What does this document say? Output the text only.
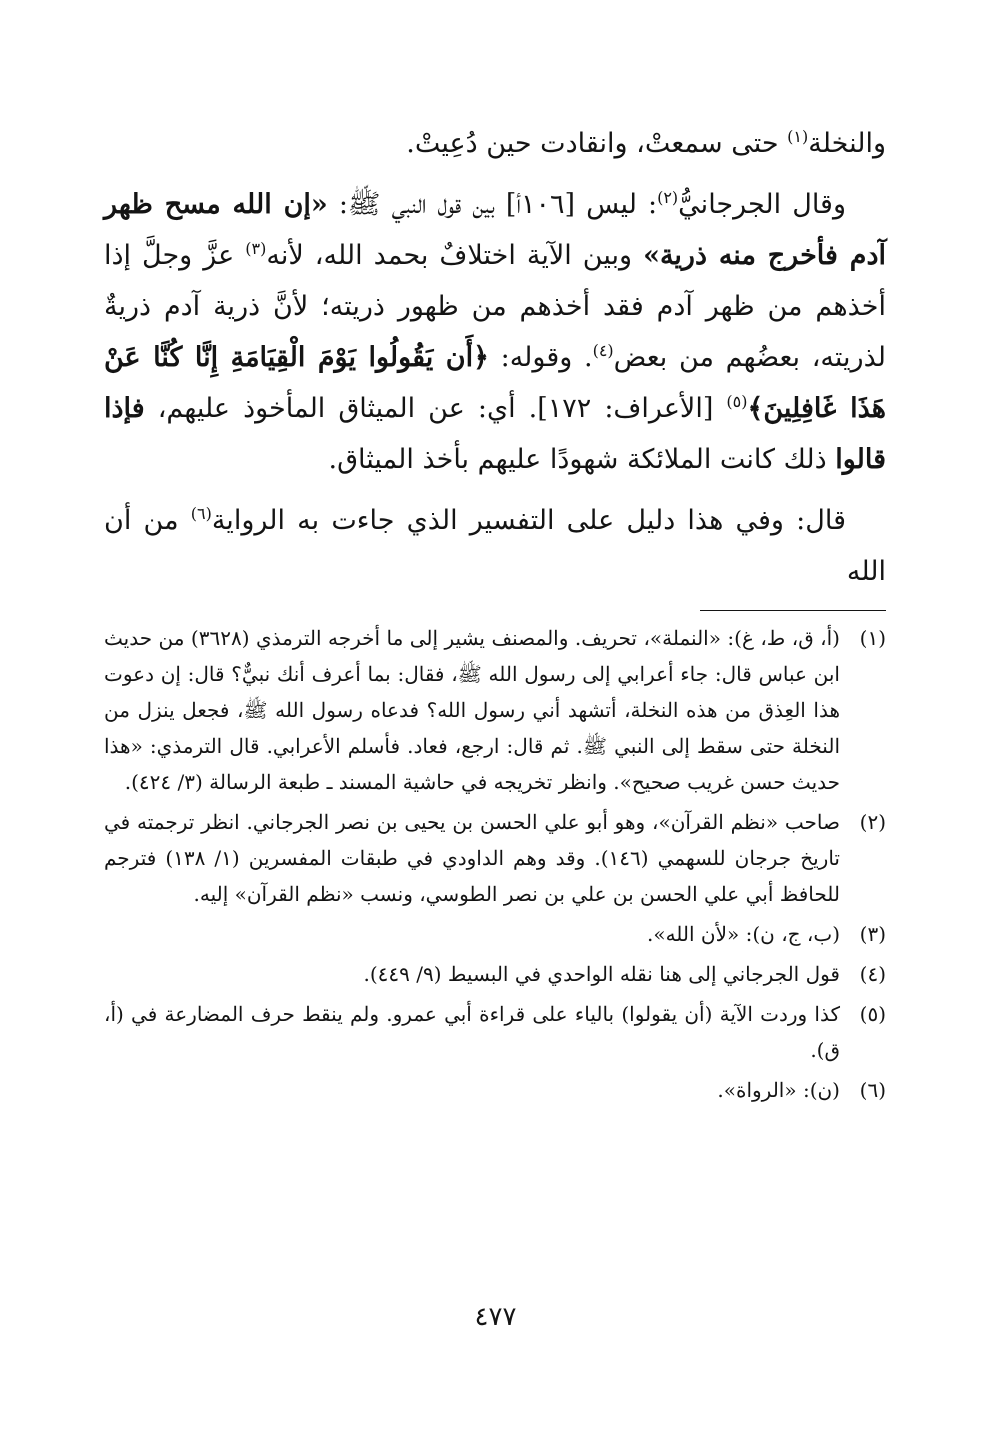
والنخلة$^{(١)}$ حتى سمعتْ، وانقادت حين دُعِيتْ.

وقال الجرجانيُّ$^{(٢)}$: ليس [١٠٦أ] بين قول النبي ﷺ: «إن الله مسح ظهر آدم فأخرج منه ذرية» وبين الآية اختلافٌ بحمد الله، لأنه$^{(٣)}$ عزَّ وجلَّ إذا أخذهم من ظهر آدم فقد أخذهم من ظهور ذريته؛ لأنَّ ذرية آدم ذريةٌ لذريته، بعضُهم من بعض$^{(٤)}$. وقوله: ﴿أَن يَقُولُوا يَوْمَ الْقِيَامَةِ إِنَّا كُنَّا عَنْ هَذَا غَافِلِينَ﴾$^{(٥)}$ [الأعراف: ١٧٢]. أي: عن الميثاق المأخوذ عليهم، فإذا قالوا ذلك كانت الملائكة شهودًا عليهم بأخذ الميثاق.

قال: وفي هذا دليل على التفسير الذي جاءت به الرواية$^{(٦)}$ من أن الله

(١)
(أ، ق، ط، غ): «النملة»، تحريف. والمصنف يشير إلى ما أخرجه الترمذي (٣٦٢٨) من حديث ابن عباس قال: جاء أعرابي إلى رسول الله ﷺ، فقال: بما أعرف أنك نبيٌّ؟ قال: إن دعوت هذا العِذق من هذه النخلة، أتشهد أني رسول الله؟ فدعاه رسول الله ﷺ، فجعل ينزل من النخلة حتى سقط إلى النبي ﷺ. ثم قال: ارجع، فعاد. فأسلم الأعرابي. قال الترمذي: «هذا حديث حسن غريب صحيح». وانظر تخريجه في حاشية المسند ـ طبعة الرسالة (٣/ ٤٢٤).
(٢)
صاحب «نظم القرآن»، وهو أبو علي الحسن بن يحيى بن نصر الجرجاني. انظر ترجمته في تاريخ جرجان للسهمي (١٤٦). وقد وهم الداودي في طبقات المفسرين (١/ ١٣٨) فترجم للحافظ أبي علي الحسن بن علي بن نصر الطوسي، ونسب «نظم القرآن» إليه.
(٣)
(ب، ج، ن): «لأن الله».
(٤)
قول الجرجاني إلى هنا نقله الواحدي في البسيط (٩/ ٤٤٩).
(٥)
كذا وردت الآية (أن يقولوا) بالياء على قراءة أبي عمرو. ولم ينقط حرف المضارعة في (أ، ق).
(٦)
(ن): «الرواة».
٤٧٧
